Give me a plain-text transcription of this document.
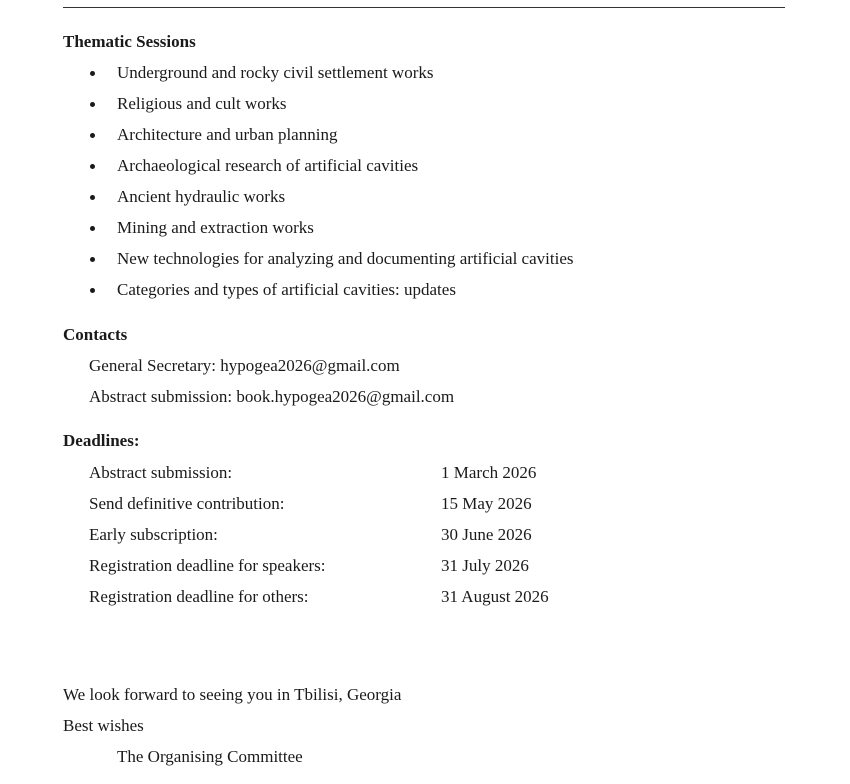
Thematic Sessions
Underground and rocky civil settlement works
Religious and cult works
Architecture and urban planning
Archaeological research of artificial cavities
Ancient hydraulic works
Mining and extraction works
New technologies for analyzing and documenting artificial cavities
Categories and types of artificial cavities: updates
Contacts
General Secretary: hypogea2026@gmail.com
Abstract submission: book.hypogea2026@gmail.com
Deadlines:
Abstract submission:	1 March 2026
Send definitive contribution:	15 May 2026
Early subscription:	30 June 2026
Registration deadline for speakers:	31 July 2026
Registration deadline for others:	31 August 2026
We look forward to seeing you in Tbilisi, Georgia
Best wishes
The Organising Committee
